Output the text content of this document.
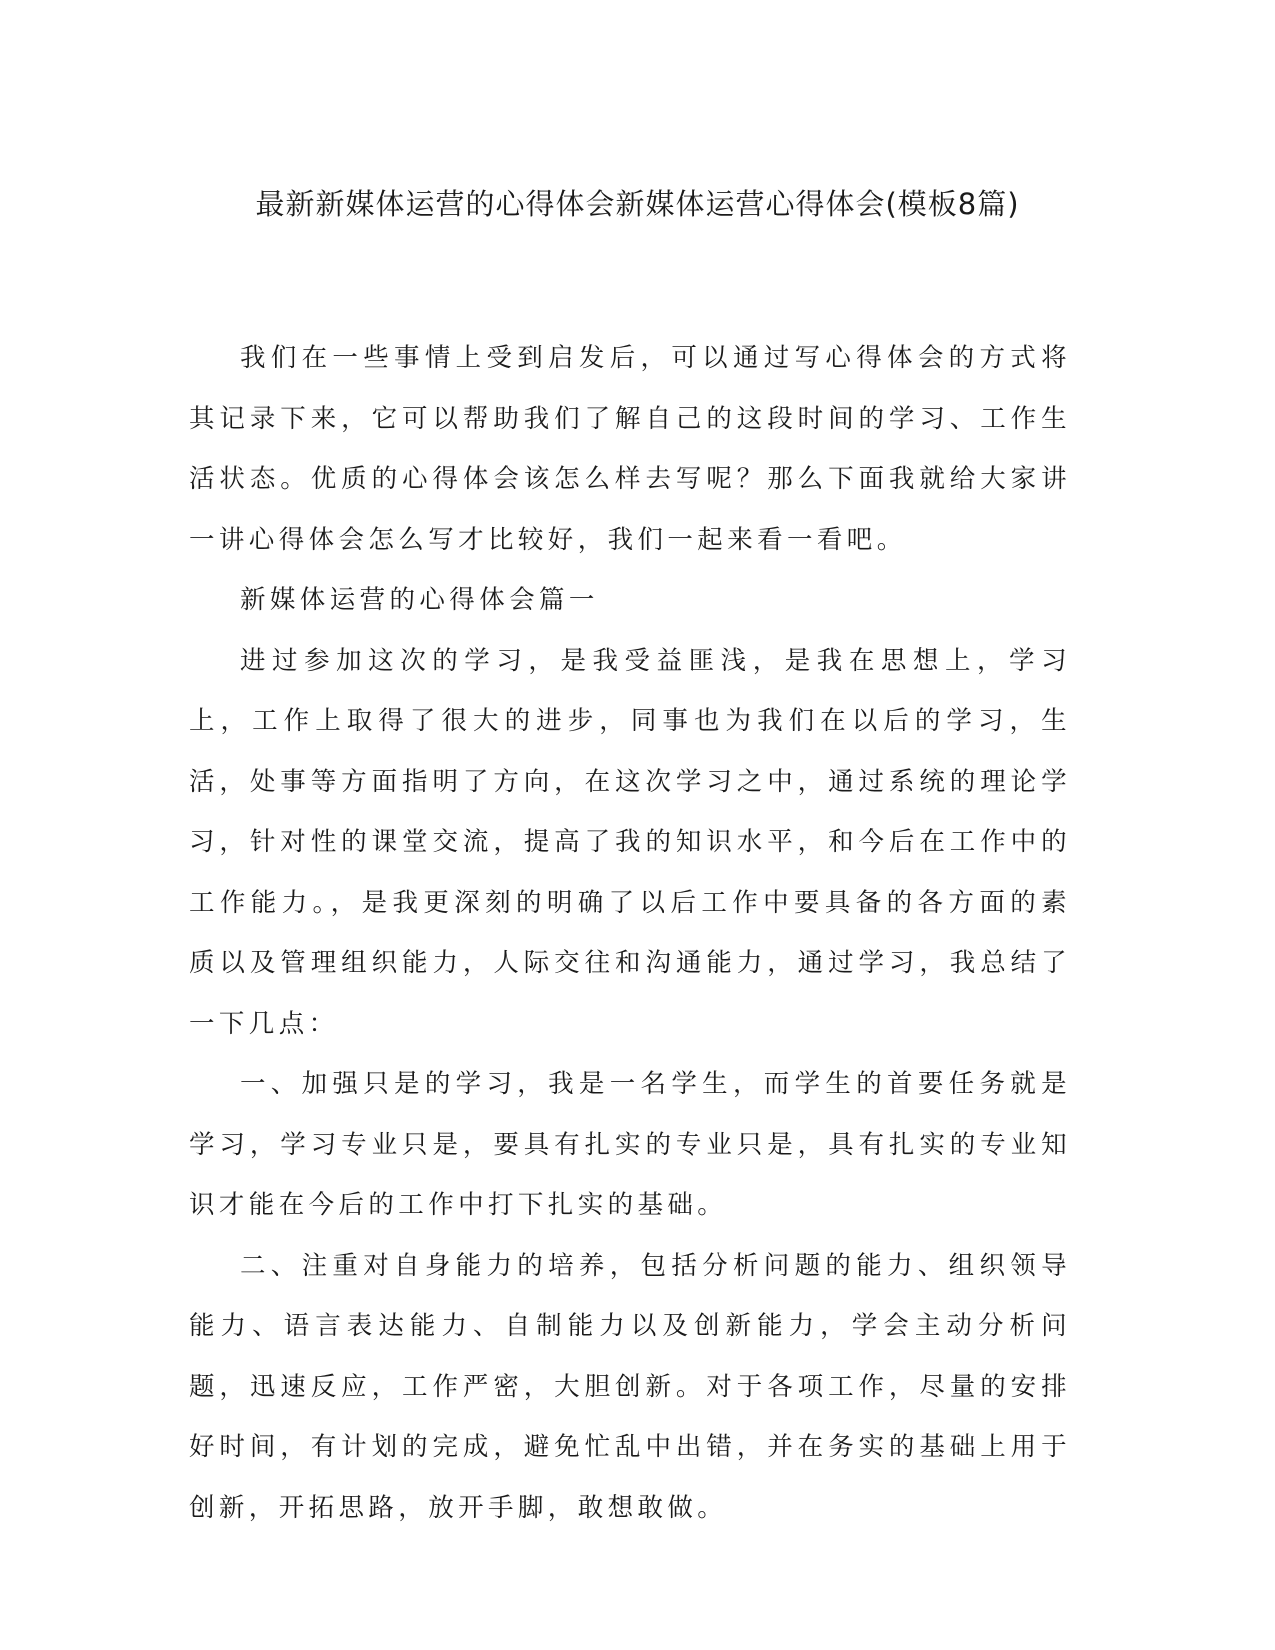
最新新媒体运营的心得体会新媒体运营心得体会(模板8篇)

我们在一些事情上受到启发后，可以通过写心得体会的方式将其记录下来，它可以帮助我们了解自己的这段时间的学习、工作生活状态。优质的心得体会该怎么样去写呢？那么下面我就给大家讲一讲心得体会怎么写才比较好，我们一起来看一看吧。

新媒体运营的心得体会篇一

进过参加这次的学习，是我受益匪浅，是我在思想上，学习上，工作上取得了很大的进步，同事也为我们在以后的学习，生活，处事等方面指明了方向，在这次学习之中，通过系统的理论学习，针对性的课堂交流，提高了我的知识水平，和今后在工作中的工作能力。，是我更深刻的明确了以后工作中要具备的各方面的素质以及管理组织能力，人际交往和沟通能力，通过学习，我总结了一下几点：

一、加强只是的学习，我是一名学生，而学生的首要任务就是学习，学习专业只是，要具有扎实的专业只是，具有扎实的专业知识才能在今后的工作中打下扎实的基础。

二、注重对自身能力的培养，包括分析问题的能力、组织领导能力、语言表达能力、自制能力以及创新能力，学会主动分析问题，迅速反应，工作严密，大胆创新。对于各项工作，尽量的安排好时间，有计划的完成，避免忙乱中出错，并在务实的基础上用于创新，开拓思路，放开手脚，敢想敢做。
